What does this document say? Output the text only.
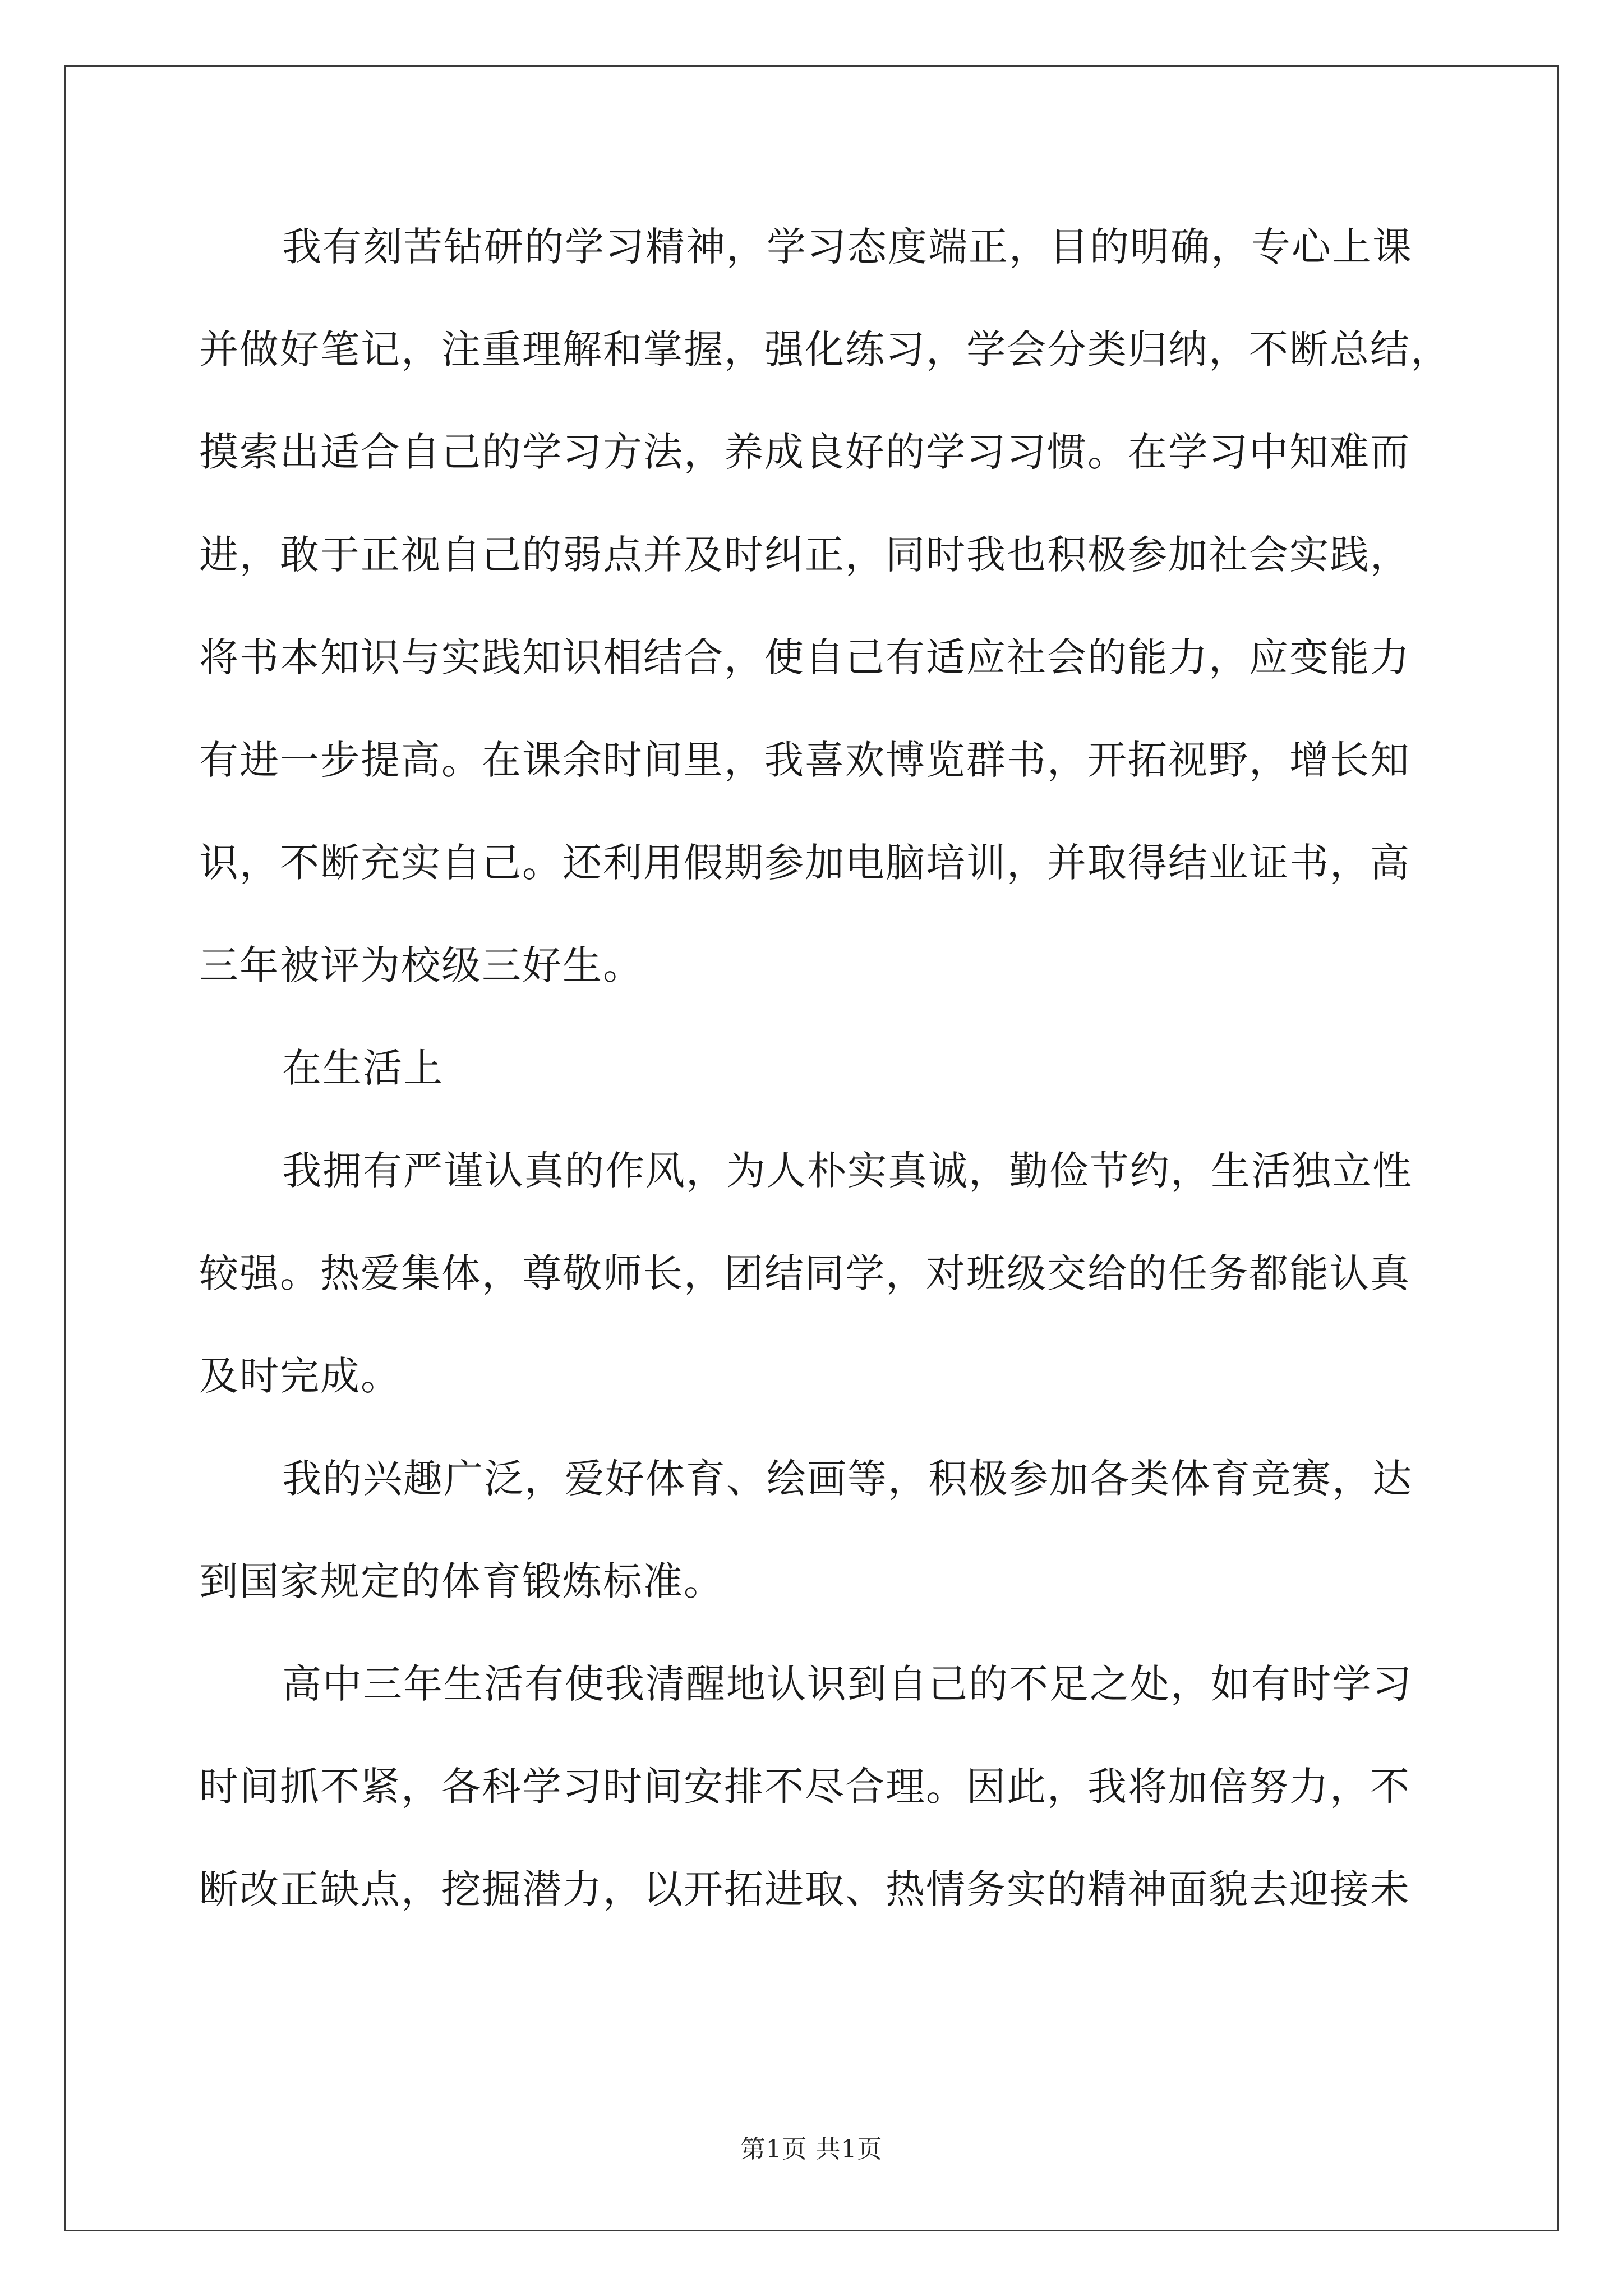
我有刻苦钻研的学习精神，学习态度端正，目的明确，专心上课
并做好笔记，注重理解和掌握，强化练习，学会分类归纳，不断总结，
摸索出适合自己的学习方法，养成良好的学习习惯。在学习中知难而
进，敢于正视自己的弱点并及时纠正，同时我也积极参加社会实践，
将书本知识与实践知识相结合，使自己有适应社会的能力，应变能力
有进一步提高。在课余时间里，我喜欢博览群书，开拓视野，增长知
识，不断充实自己。还利用假期参加电脑培训，并取得结业证书，高
三年被评为校级三好生。
在生活上
我拥有严谨认真的作风，为人朴实真诚，勤俭节约，生活独立性
较强。热爱集体，尊敬师长，团结同学，对班级交给的任务都能认真
及时完成。
我的兴趣广泛，爱好体育、绘画等，积极参加各类体育竞赛，达
到国家规定的体育锻炼标准。
高中三年生活有使我清醒地认识到自己的不足之处，如有时学习
时间抓不紧，各科学习时间安排不尽合理。因此，我将加倍努力，不
断改正缺点，挖掘潜力，以开拓进取、热情务实的精神面貌去迎接未
第1页 共1页
